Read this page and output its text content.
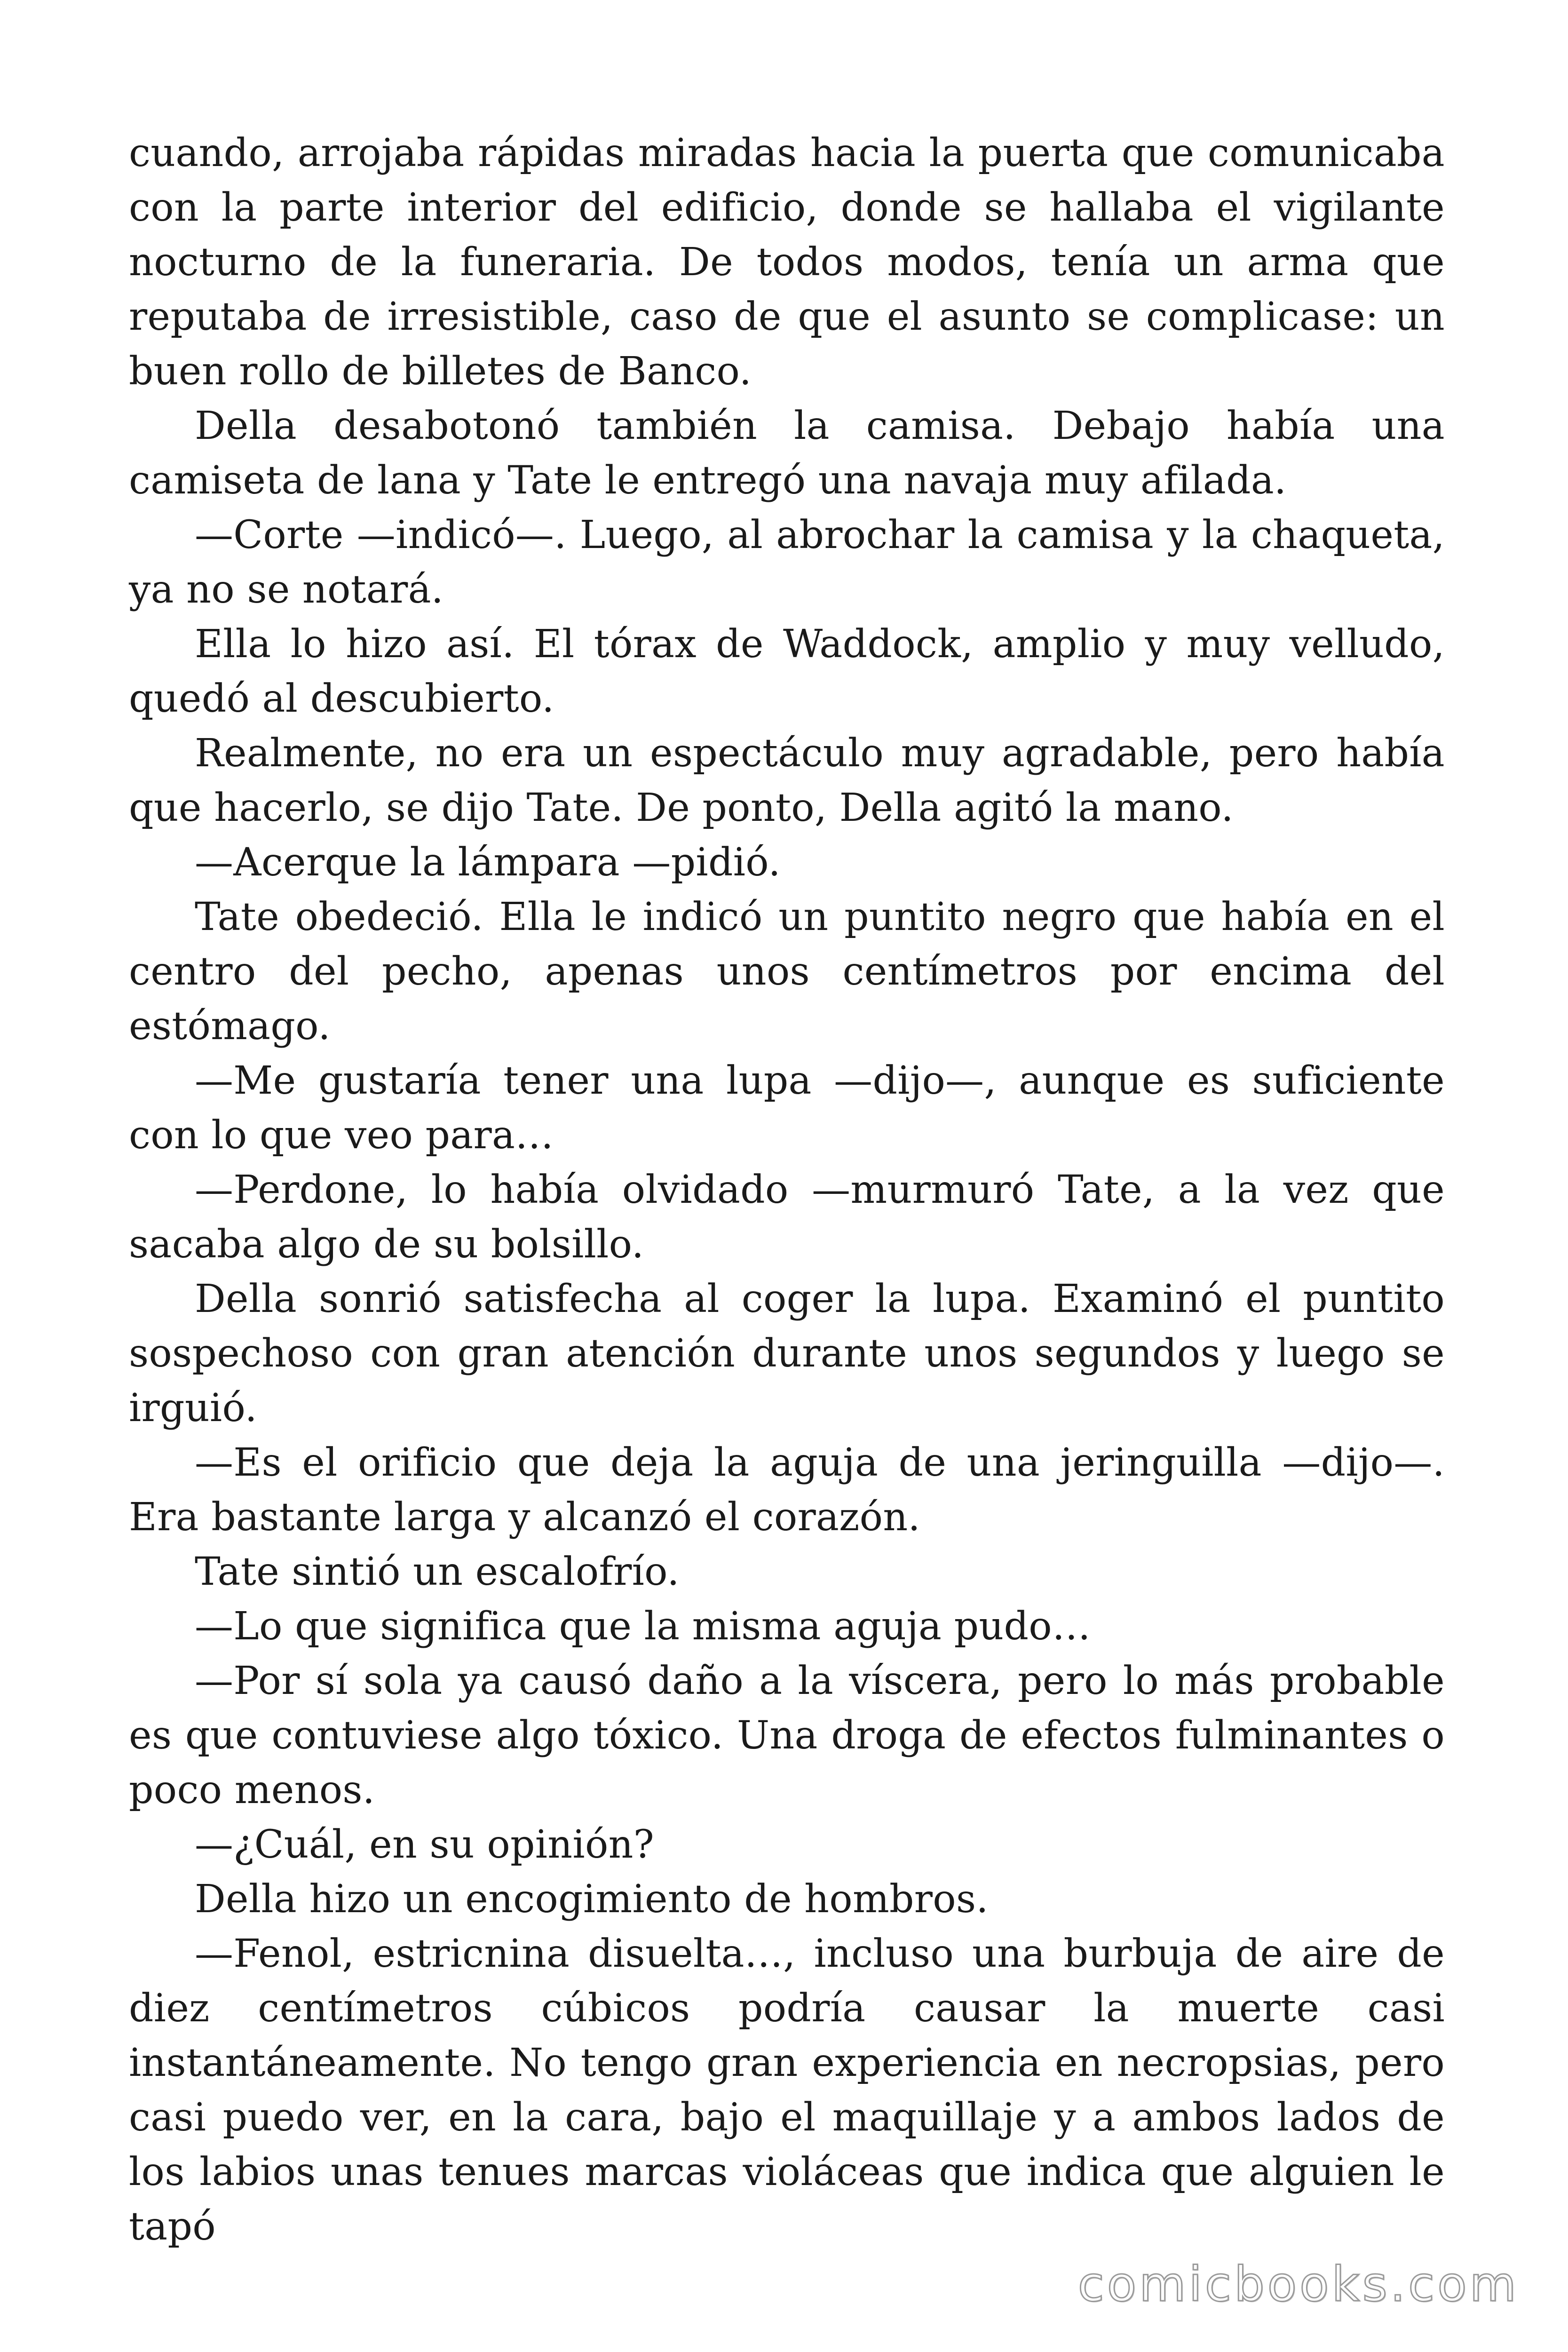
cuando, arrojaba rápidas miradas hacia la puerta que comunicaba con la parte interior del edificio, donde se hallaba el vigilante nocturno de la funeraria. De todos modos, tenía un arma que reputaba de irresistible, caso de que el asunto se complicase: un buen rollo de billetes de Banco.

Della desabotonó también la camisa. Debajo había una camiseta de lana y Tate le entregó una navaja muy afilada.

—Corte —indicó—. Luego, al abrochar la camisa y la chaqueta, ya no se notará.

Ella lo hizo así. El tórax de Waddock, amplio y muy velludo, quedó al descubierto.

Realmente, no era un espectáculo muy agradable, pero había que hacerlo, se dijo Tate. De ponto, Della agitó la mano.

—Acerque la lámpara —pidió.

Tate obedeció. Ella le indicó un puntito negro que había en el centro del pecho, apenas unos centímetros por encima del estómago.

—Me gustaría tener una lupa —dijo—, aunque es suficiente con lo que veo para…

—Perdone, lo había olvidado —murmuró Tate, a la vez que sacaba algo de su bolsillo.

Della sonrió satisfecha al coger la lupa. Examinó el puntito sospechoso con gran atención durante unos segundos y luego se irguió.

—Es el orificio que deja la aguja de una jeringuilla —dijo—. Era bastante larga y alcanzó el corazón.

Tate sintió un escalofrío.

—Lo que significa que la misma aguja pudo…

—Por sí sola ya causó daño a la víscera, pero lo más probable es que contuviese algo tóxico. Una droga de efectos fulminantes o poco menos.

—¿Cuál, en su opinión?

Della hizo un encogimiento de hombros.

—Fenol, estricnina disuelta…, incluso una burbuja de aire de diez centímetros cúbicos podría causar la muerte casi instantáneamente. No tengo gran experiencia en necropsias, pero casi puedo ver, en la cara, bajo el maquillaje y a ambos lados de los labios unas tenues marcas violáceas que indica que alguien le tapó

comicbooks.com
